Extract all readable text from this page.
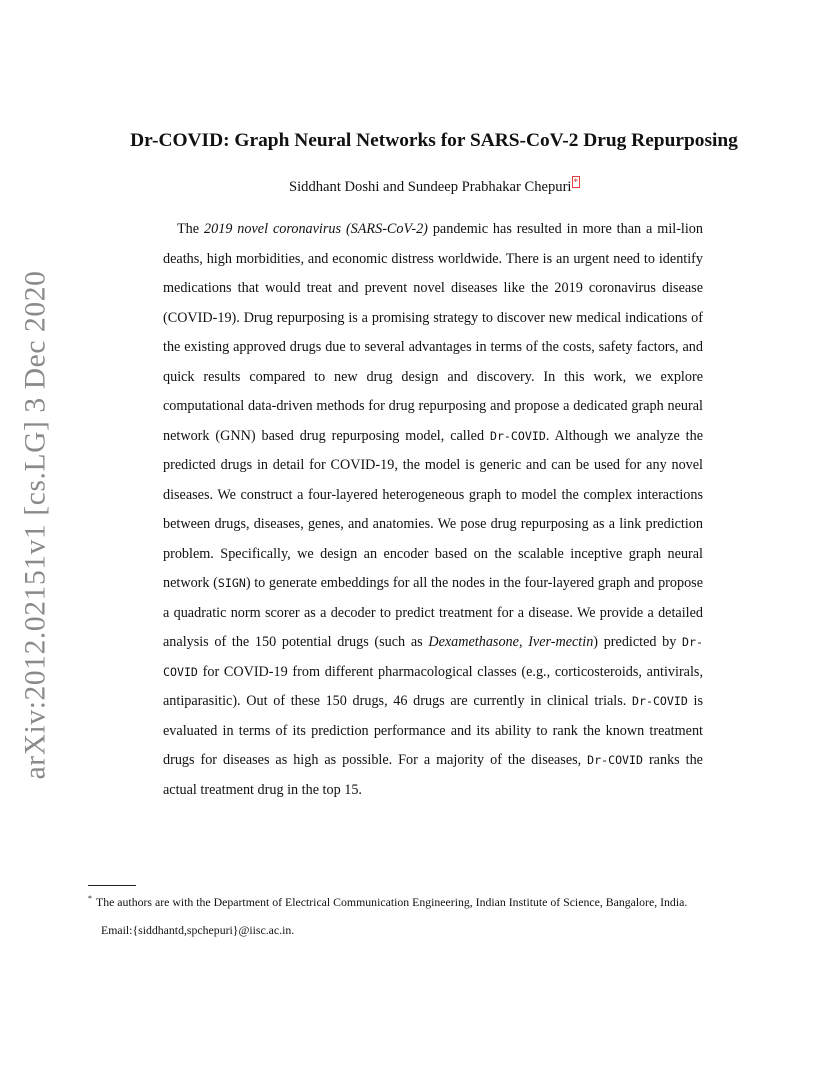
arXiv:2012.02151v1 [cs.LG] 3 Dec 2020
Dr-COVID: Graph Neural Networks for SARS-CoV-2 Drug Repurposing
Siddhant Doshi and Sundeep Prabhakar Chepuri *

The 2019 novel coronavirus (SARS-CoV-2) pandemic has resulted in more than a mil-lion deaths, high morbidities, and economic distress worldwide. There is an urgent need to identify medications that would treat and prevent novel diseases like the 2019 coronavirus disease (COVID-19). Drug repurposing is a promising strategy to discover new medical indications of the existing approved drugs due to several advantages in terms of the costs, safety factors, and quick results compared to new drug design and discovery. In this work, we explore computational data-driven methods for drug repurposing and propose a dedicated graph neural network (GNN) based drug repurposing model, called Dr-COVID. Although we analyze the predicted drugs in detail for COVID-19, the model is generic and can be used for any novel diseases. We construct a four-layered heterogeneous graph to model the complex interactions between drugs, diseases, genes, and anatomies. We pose drug repurposing as a link prediction problem. Specifically, we design an encoder based on the scalable inceptive graph neural network (SIGN) to generate embeddings for all the nodes in the four-layered graph and propose a quadratic norm scorer as a decoder to predict treatment for a disease. We provide a detailed analysis of the 150 potential drugs (such as Dexamethasone, Iver-mectin) predicted by Dr-COVID for COVID-19 from different pharmacological classes (e.g., corticosteroids, antivirals, antiparasitic). Out of these 150 drugs, 46 drugs are currently in clinical trials. Dr-COVID is evaluated in terms of its prediction performance and its ability to rank the known treatment drugs for diseases as high as possible. For a majority of the diseases, Dr-COVID ranks the actual treatment drug in the top 15.

* The authors are with the Department of Electrical Communication Engineering, Indian Institute of Science, Bangalore, India.

Email:{siddhantd,spchepuri}@iisc.ac.in.
